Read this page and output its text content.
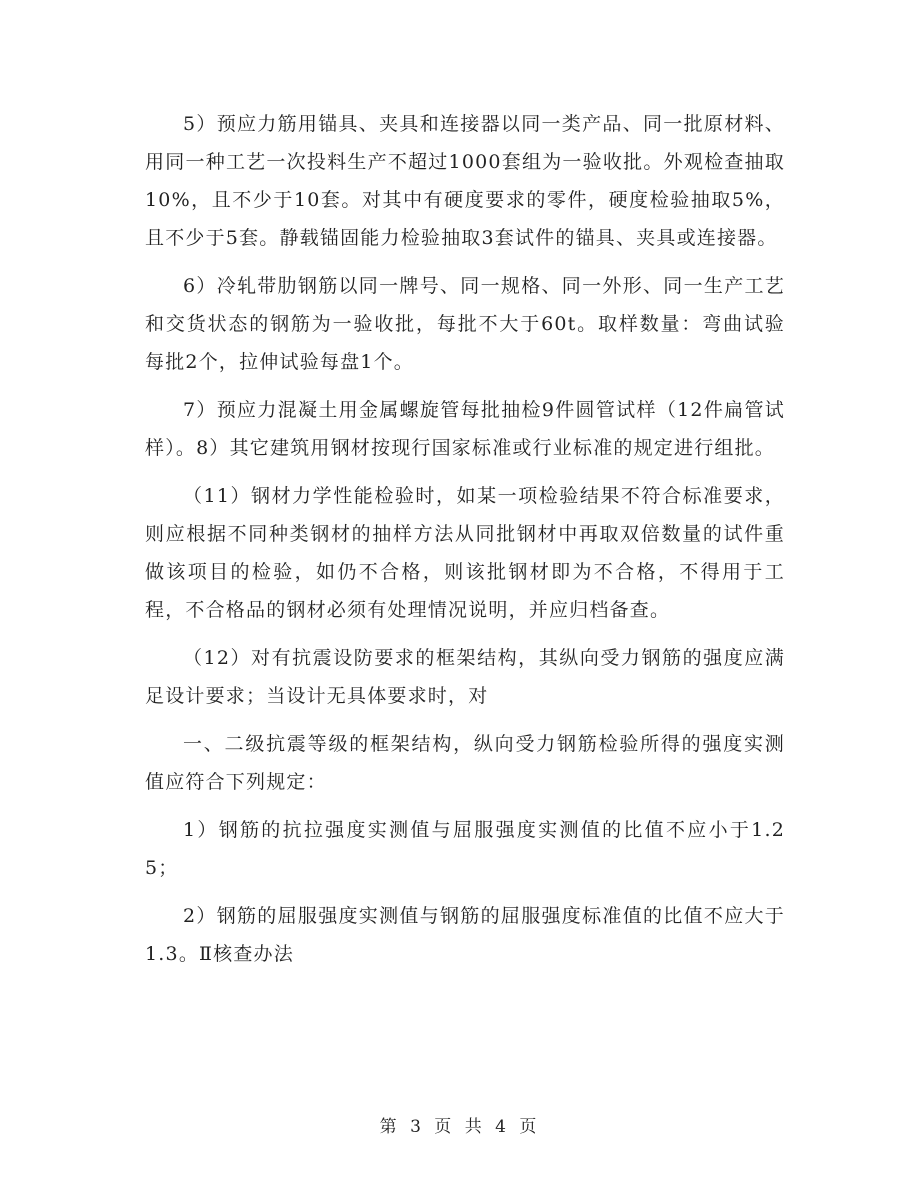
5）预应力筋用锚具、夹具和连接器以同一类产品、同一批原材料、用同一种工艺一次投料生产不超过1000套组为一验收批。外观检查抽取10%，且不少于10套。对其中有硬度要求的零件，硬度检验抽取5%，且不少于5套。静载锚固能力检验抽取3套试件的锚具、夹具或连接器。

6）冷轧带肋钢筋以同一牌号、同一规格、同一外形、同一生产工艺和交货状态的钢筋为一验收批，每批不大于60t。取样数量：弯曲试验每批2个，拉伸试验每盘1个。

7）预应力混凝土用金属螺旋管每批抽检9件圆管试样（12件扁管试样）。8）其它建筑用钢材按现行国家标准或行业标准的规定进行组批。

（11）钢材力学性能检验时，如某一项检验结果不符合标准要求，则应根据不同种类钢材的抽样方法从同批钢材中再取双倍数量的试件重做该项目的检验，如仍不合格，则该批钢材即为不合格，不得用于工程，不合格品的钢材必须有处理情况说明，并应归档备查。

（12）对有抗震设防要求的框架结构，其纵向受力钢筋的强度应满足设计要求；当设计无具体要求时，对

一、二级抗震等级的框架结构，纵向受力钢筋检验所得的强度实测值应符合下列规定：

1）钢筋的抗拉强度实测值与屈服强度实测值的比值不应小于1.25；

2）钢筋的屈服强度实测值与钢筋的屈服强度标准值的比值不应大于1.3。Ⅱ核查办法

第 3 页 共 4 页
